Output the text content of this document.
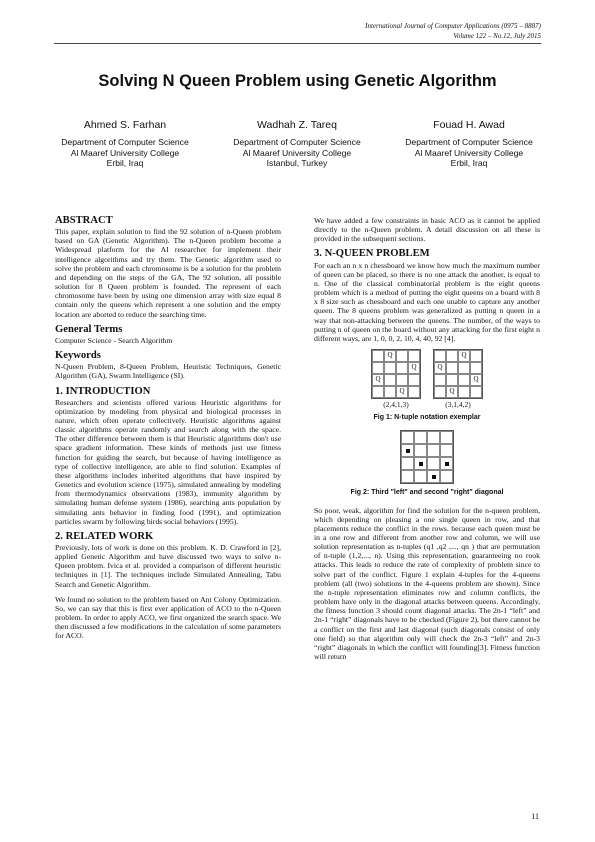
International Journal of Computer Applications (0975 – 8887)
Volume 122 – No.12, July 2015
Solving N Queen Problem using Genetic Algorithm
Ahmed S. Farhan
Department of Computer Science
Al Maaref University College
Erbil, Iraq
Wadhah Z. Tareq
Department of Computer Science
Al Maaref University College
Istanbul, Turkey
Fouad H. Awad
Department of Computer Science
Al Maaref University College
Erbil, Iraq
ABSTRACT

This paper, explain solution to find the 92 solution of n-Queen problem based on GA (Genetic Algorithm). The n-Queen problem become a Widespread platform for the AI researcher for implement their intelligence algorithms and try them. The Genetic algorithm used to solve the problem and each chromosome is be a solution for the problem and depending on the steps of the GA, The 92 solution, all possible solution for 8 Queen problem is founded. The represent of each chromosome have been by using one dimension array with size equal 8 contain only the queens which represent a one solution and the empty location are aborted to reduce the searching time.

General Terms

Computer Science - Search Algorithm

Keywords

N-Queen Problem, 8-Queen Problem, Heuristic Techniques, Genetic Algorithm (GA), Swarm Intelligence (SI).

1. INTRODUCTION

Researchers and scientists offered various Heuristic algorithms for optimization by modeling from physical and biological processes in nature, which often operate collectively. Heuristic algorithms against classic algorithms operate randomly and search along with the space. The other difference between them is that Heuristic algorithms don't use space gradient information. These kinds of methods just use fitness function for guiding the search, but because of having intelligence as type of collective intelligence, are able to find solution. Examples of these algorithms includes inherited algorithms that have inspired by Genetics and evolution science (1975), simulated annealing by modeling from thermodynamics observations (1983), immunity algorithm by simulating human defense system (1986), searching ants population by simulating ants behavior in finding food (1991), and optimization particles swarm by following birds social behaviors (1995).

2. RELATED WORK

Previously, lots of work is done on this problem. K. D. Crawford in [2], applied Genetic Algorithm and have discussed two ways to solve n-Queen problem. Ivica et al. provided a comparison of different heuristic techniques in [1]. The techniques include Simulated Annealing, Tabu Search and Genetic Algorithm.

We found no solution to the problem based on Ant Colony Optimization. So, we can say that this is first ever application of ACO to the n-Queen problem. In order to apply ACO, we first organized the search space. We then discussed a few modifications in the calculation of some parameters for ACO.

We have added a few constraints in basic ACO as it cannot be applied directly to the n-Queen problem. A detail discussion on all these is provided in the subsequent sections.

3. N-QUEEN PROBLEM

For each an n x n chessboard we know how much the maximum number of queen can be placed, so there is no one attack the another, is equal to n. One of the classical combinatorial problem is the eight queens problem which is a method of putting the eight queens on a board with 8 x 8 size such as chessboard and each one unable to capture any another queen. The 8 queens problem was generalized as putting n queen in a way that non-attacking between the queens. The number, of the ways to putting n of queen on the board without any attacking for the first eight n different ways, are 1, 0, 0, 2, 10, 4, 40, 92 [4].

Q
Q
Q
Q
(2,4,1,3)
Q
Q
Q
Q
(3,1,4,2)
Fig 1: N-tuple notation exemplar
Fig 2: Third "left" and second "right" diagonal

So poor, weak, algorithm for find the solution for the n-queen problem, which depending on pleasing a one single queen in row, and that placements reduce the conflict in the rows. because each queen must be in a one row and different from another row and column, we will use solution representation as n-tuples (q1 ,q2 ,..., qn ) that are permutation of n-tuple (1,2,..., n). Using this representation, guaranteeing no rook attacks. This leads to reduce the rate of complexity of problem since to solve part of the conflict. Figure 1 explain 4-tuples for the 4-queens problem (all (two) solutions in the 4-queens problem are shown). Since the n-tuple representation eliminates row and column conflicts, the problem have only in the diagonal attacks between queens. Accordingly, the fitness function 3 should count diagonal attacks. The 2n-1 “left” and 2n-1 “right” diagonals have to be checked (Figure 2), but there cannot be a conflict on the first and last diagonal (such diagonals consist of only one field) so that algorithm only will check the 2n-3 “left” and 2n-3 “right” diagonals in which the conflict will founding[3]. Fitness function will return

11
